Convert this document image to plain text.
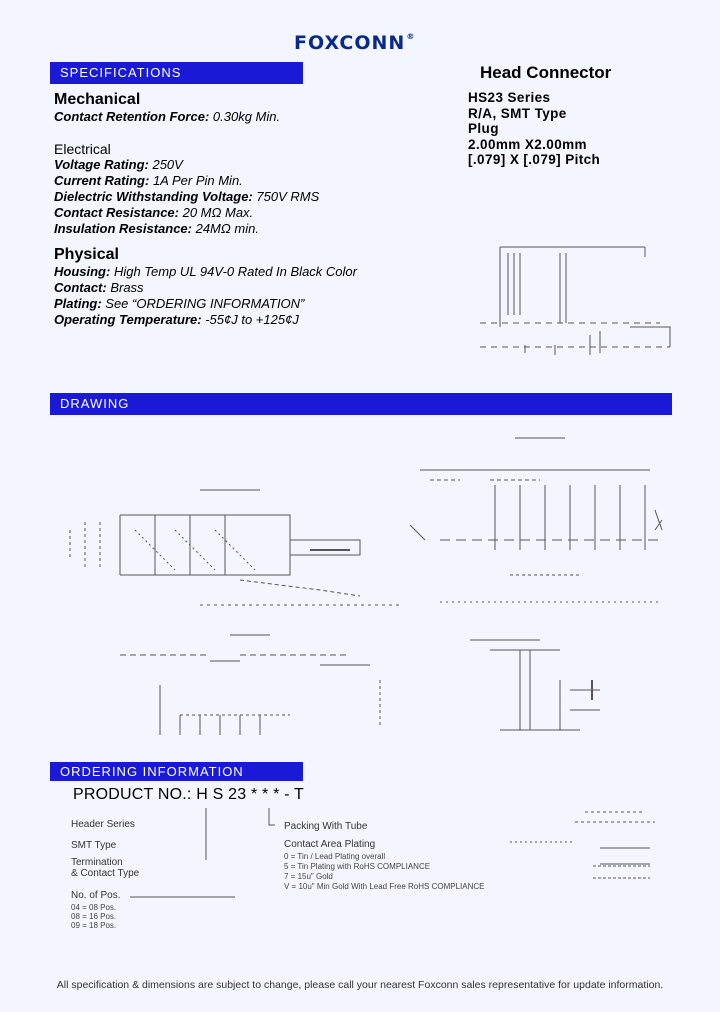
FOXCONN®
SPECIFICATIONS	Head Connector
HS23 Series
R/A, SMT Type
Plug
2.00mm X2.00mm
[.079] X [.079] Pitch
Mechanical
Contact Retention Force: 0.30kg Min.
Electrical
Voltage Rating: 250V
Current Rating: 1A Per Pin Min.
Dielectric Withstanding Voltage: 750V RMS
Contact Resistance: 20 MΩ Max.
Insulation Resistance: 24MΩ min.
Physical
Housing: High Temp UL 94V-0 Rated In Black Color
Contact: Brass
Plating: See “ORDERING INFORMATION”
Operating Temperature: -55¢J to +125¢J
DRAWING
ORDERING INFORMATION
PRODUCT NO.: H S 23 * * * - T
Header Series
SMT Type
Termination
& Contact Type
No. of Pos.
04 = 08 Pos.
08 = 16 Pos.
09 = 18 Pos.
Packing With Tube
Contact Area Plating
0 = Tin / Lead Plating overall
5 = Tin Plating with RoHS COMPLIANCE
7 = 15u" Gold
V = 10u" Min Gold With Lead Free RoHS COMPLIANCE
All specification & dimensions are subject to change, please call your nearest Foxconn sales representative for update information.
